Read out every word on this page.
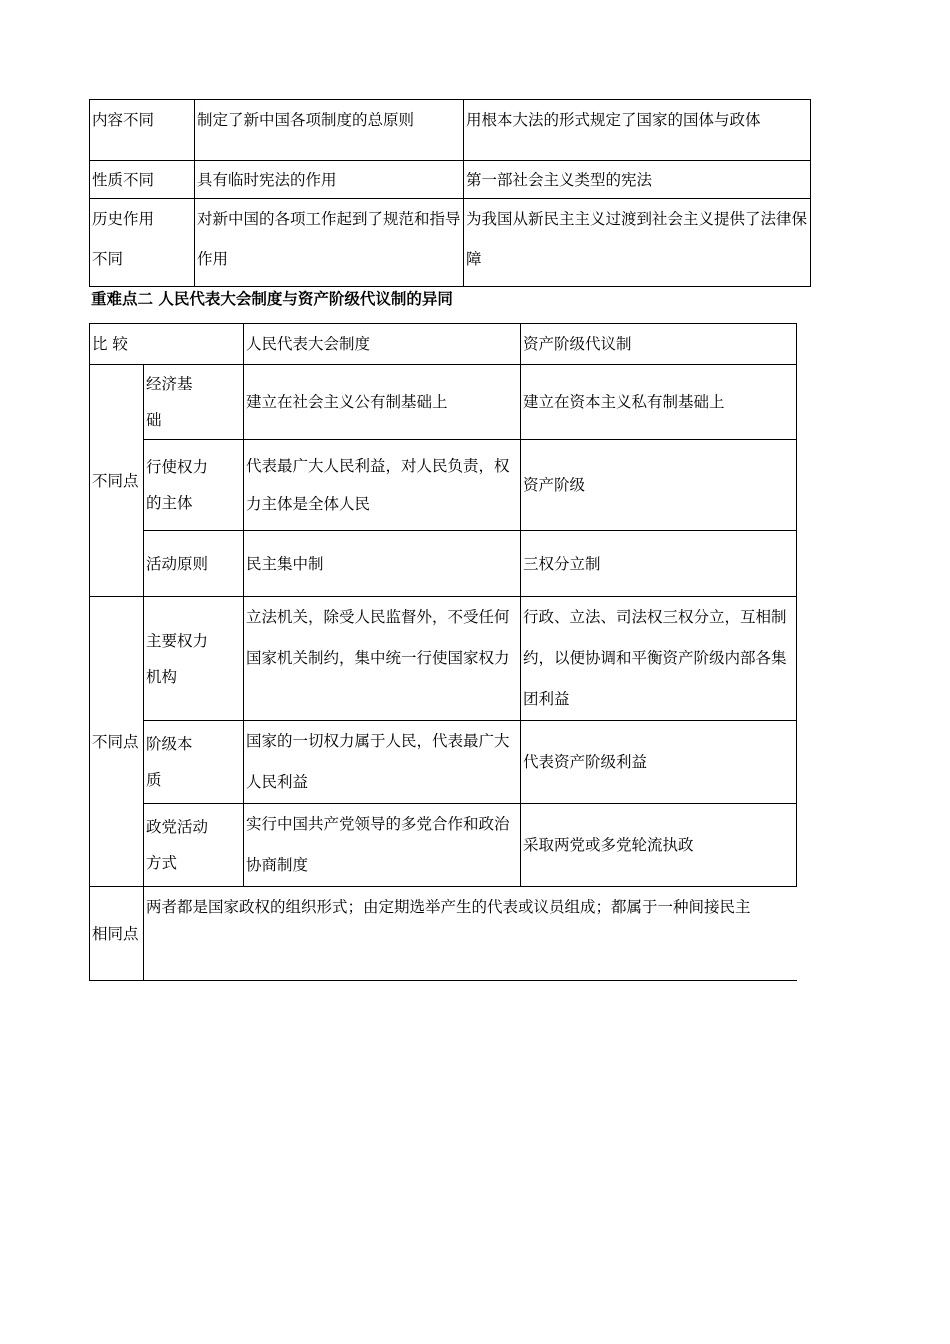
内容不同	制定了新中国各项制度的总原则	用根本大法的形式规定了国家的国体与政体
性质不同	具有临时宪法的作用	第一部社会主义类型的宪法
历史作用不同	对新中国的各项工作起到了规范和指导作用	为我国从新民主主义过渡到社会主义提供了法律保障
重难点二 人民代表大会制度与资产阶级代议制的异同
比 较		人民代表大会制度	资产阶级代议制
不同点	经济基础	建立在社会主义公有制基础上	建立在资本主义私有制基础上
	行使权力的主体	代表最广大人民利益，对人民负责，权力主体是全体人民	资产阶级
	活动原则	民主集中制	三权分立制
不同点	主要权力机构	立法机关，除受人民监督外，不受任何国家机关制约，集中统一行使国家权力	行政、立法、司法权三权分立，互相制约，以便协调和平衡资产阶级内部各集团利益
	阶级本质	国家的一切权力属于人民，代表最广大人民利益	代表资产阶级利益
	政党活动方式	实行中国共产党领导的多党合作和政治协商制度	采取两党或多党轮流执政
相同点	两者都是国家政权的组织形式；由定期选举产生的代表或议员组成；都属于一种间接民主		
